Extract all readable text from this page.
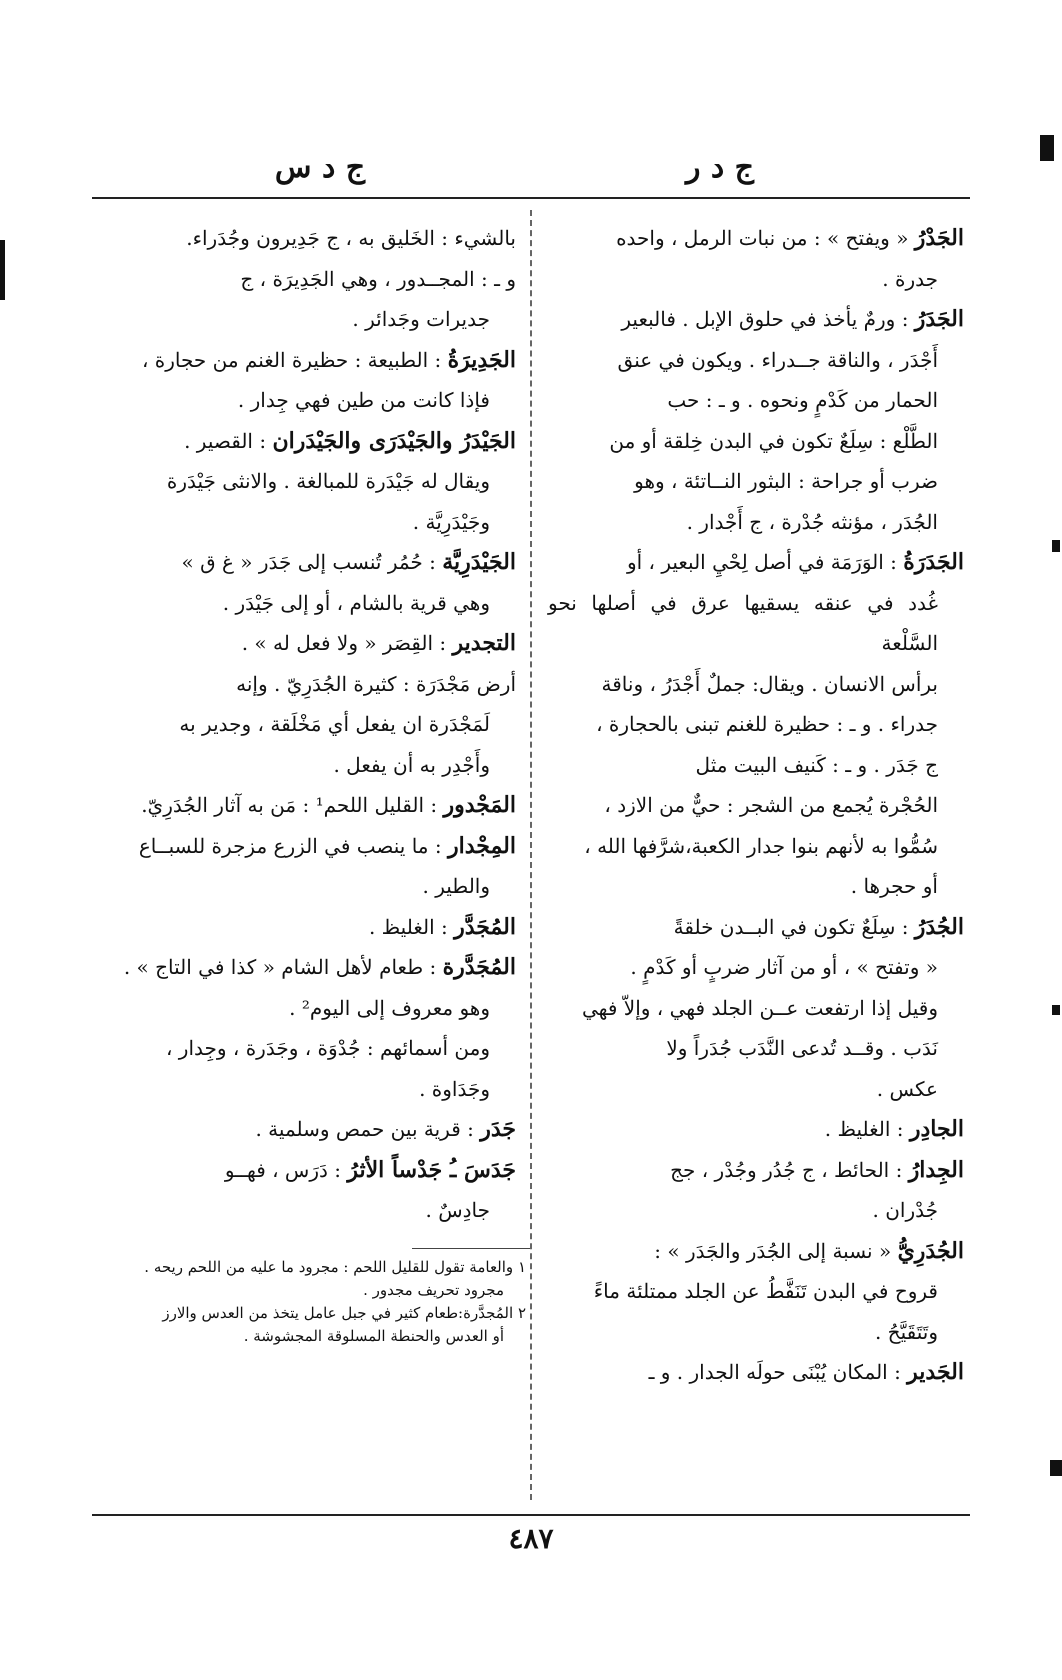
ج د ر
ج د س

الجَدْرُ « ويفتح » : من نبات الرمل ، واحده

جدرة .

الجَدَرُ : ورمٌ يأخذ في حلوق الإبل . فالبعير

أَجْدَر ، والناقة جــدراء . ويكون في عنق

الحمار من كَدْمٍ ونحوه . و ـ : حب

الطَّلْع : سِلَعٌ تكون في البدن خِلقة أو من

ضرب أو جراحة : البثور النــاتئة ، وهو

الجُدَر ، مؤنثه جُدْرة ، ج أَجْدار .

الجَدَرَةُ : الوَرَمَة في أصل لِحْيِ البعير ، أو

غُدد في عنقه يسقيها عرق في أصلها نحو السَّلْعة

برأس الانسان . ويقال: جملٌ أَجْدَرُ ، وناقة

جدراء . و ـ : حظيرة للغنم تبنى بالحجارة ،

ج جَدَر . و ـ : كَنيف البيت مثل

الحُجْرة يُجمع من الشجر : حيٌّ من الازد ،

سُمُّوا به لأنهم بنوا جدار الكعبة،شرَّفها الله ،

أو حجرها .

الجُدَرُ : سِلَعٌ تكون في البــدن خلقةً

« وتفتح » ، أو من آثار ضربٍ أو كَدْمٍ .

وقيل إذا ارتفعت عــن الجلد فهي ، وإلاّ فهي

نَدَب . وقــد تُدعى النَّدَب جُدَراً ولا

عكس .

الجادِر : الغليظ .

الجِدارُ : الحائط ، ج جُدُر وجُدْر ، جج

جُدْران .

الجُدَرِيُّ « نسبة إلى الجُدَر والجَدَر » :

قروح في البدن تَنَفَّطُ عن الجلد ممتلئة ماءً

وتَتَقَيَّحُ .

الجَدير : المكان يُبْنَى حولَه الجدار . و ـ

بالشيء : الخَليق به ، ج جَدِيرون وجُدَراء.

و ـ : المجــدور ، وهي الجَدِيرَة ، ج

جديرات وجَدائر .

الجَدِيرَةُ : الطبيعة : حظيرة الغنم من حجارة ،

فإذا كانت من طين فهي جِدار .

الجَيْدَرُ والجَيْدَرَى والجَيْدَران : القصير .

ويقال له جَيْدَرة للمبالغة . والانثى جَيْدَرة

وجَيْدَرِيَّة .

الجَيْدَرِيَّة : حُمُر تُنسب إلى جَدَر « غ ق »

وهي قرية بالشام ، أو إلى جَيْدَر .

التجدير : القِصَر « ولا فعل له » .

أرض مَجْدَرَة : كثيرة الجُدَرِيّ . وإنه

لَمَجْدَرة ان يفعل أي مَخْلَقة ، وجدير به

وأَجْدِر به أن يفعل .

المَجْدور : القليل اللحم¹ : مَن به آثار الجُدَرِيّ.

المِجْدار : ما ينصب في الزرع مزجرة للسبــاع

والطير .

المُجَدَّر : الغليظ .

المُجَدَّرة : طعام لأهل الشام « كذا في التاج » .

وهو معروف إلى اليوم² .

ومن أسمائهم : جُدْوَة ، وجَدَرة ، وجِدار ،

وجَدَاوة .

جَدَر : قرية بين حمص وسلمية .

جَدَسَ ـُ جَدْساً الأثرُ : دَرَس ، فهــو

جادِسٌ .

١ والعامة تقول للقليل اللحم : مجرود ما عليه من اللحم ريحه .

مجرود تحريف مجدور .

٢ المُجدَّرة:طعام كثير في جبل عامل يتخذ من العدس والارز

أو العدس والحنطة المسلوقة المجشوشة .

٤٨٧
